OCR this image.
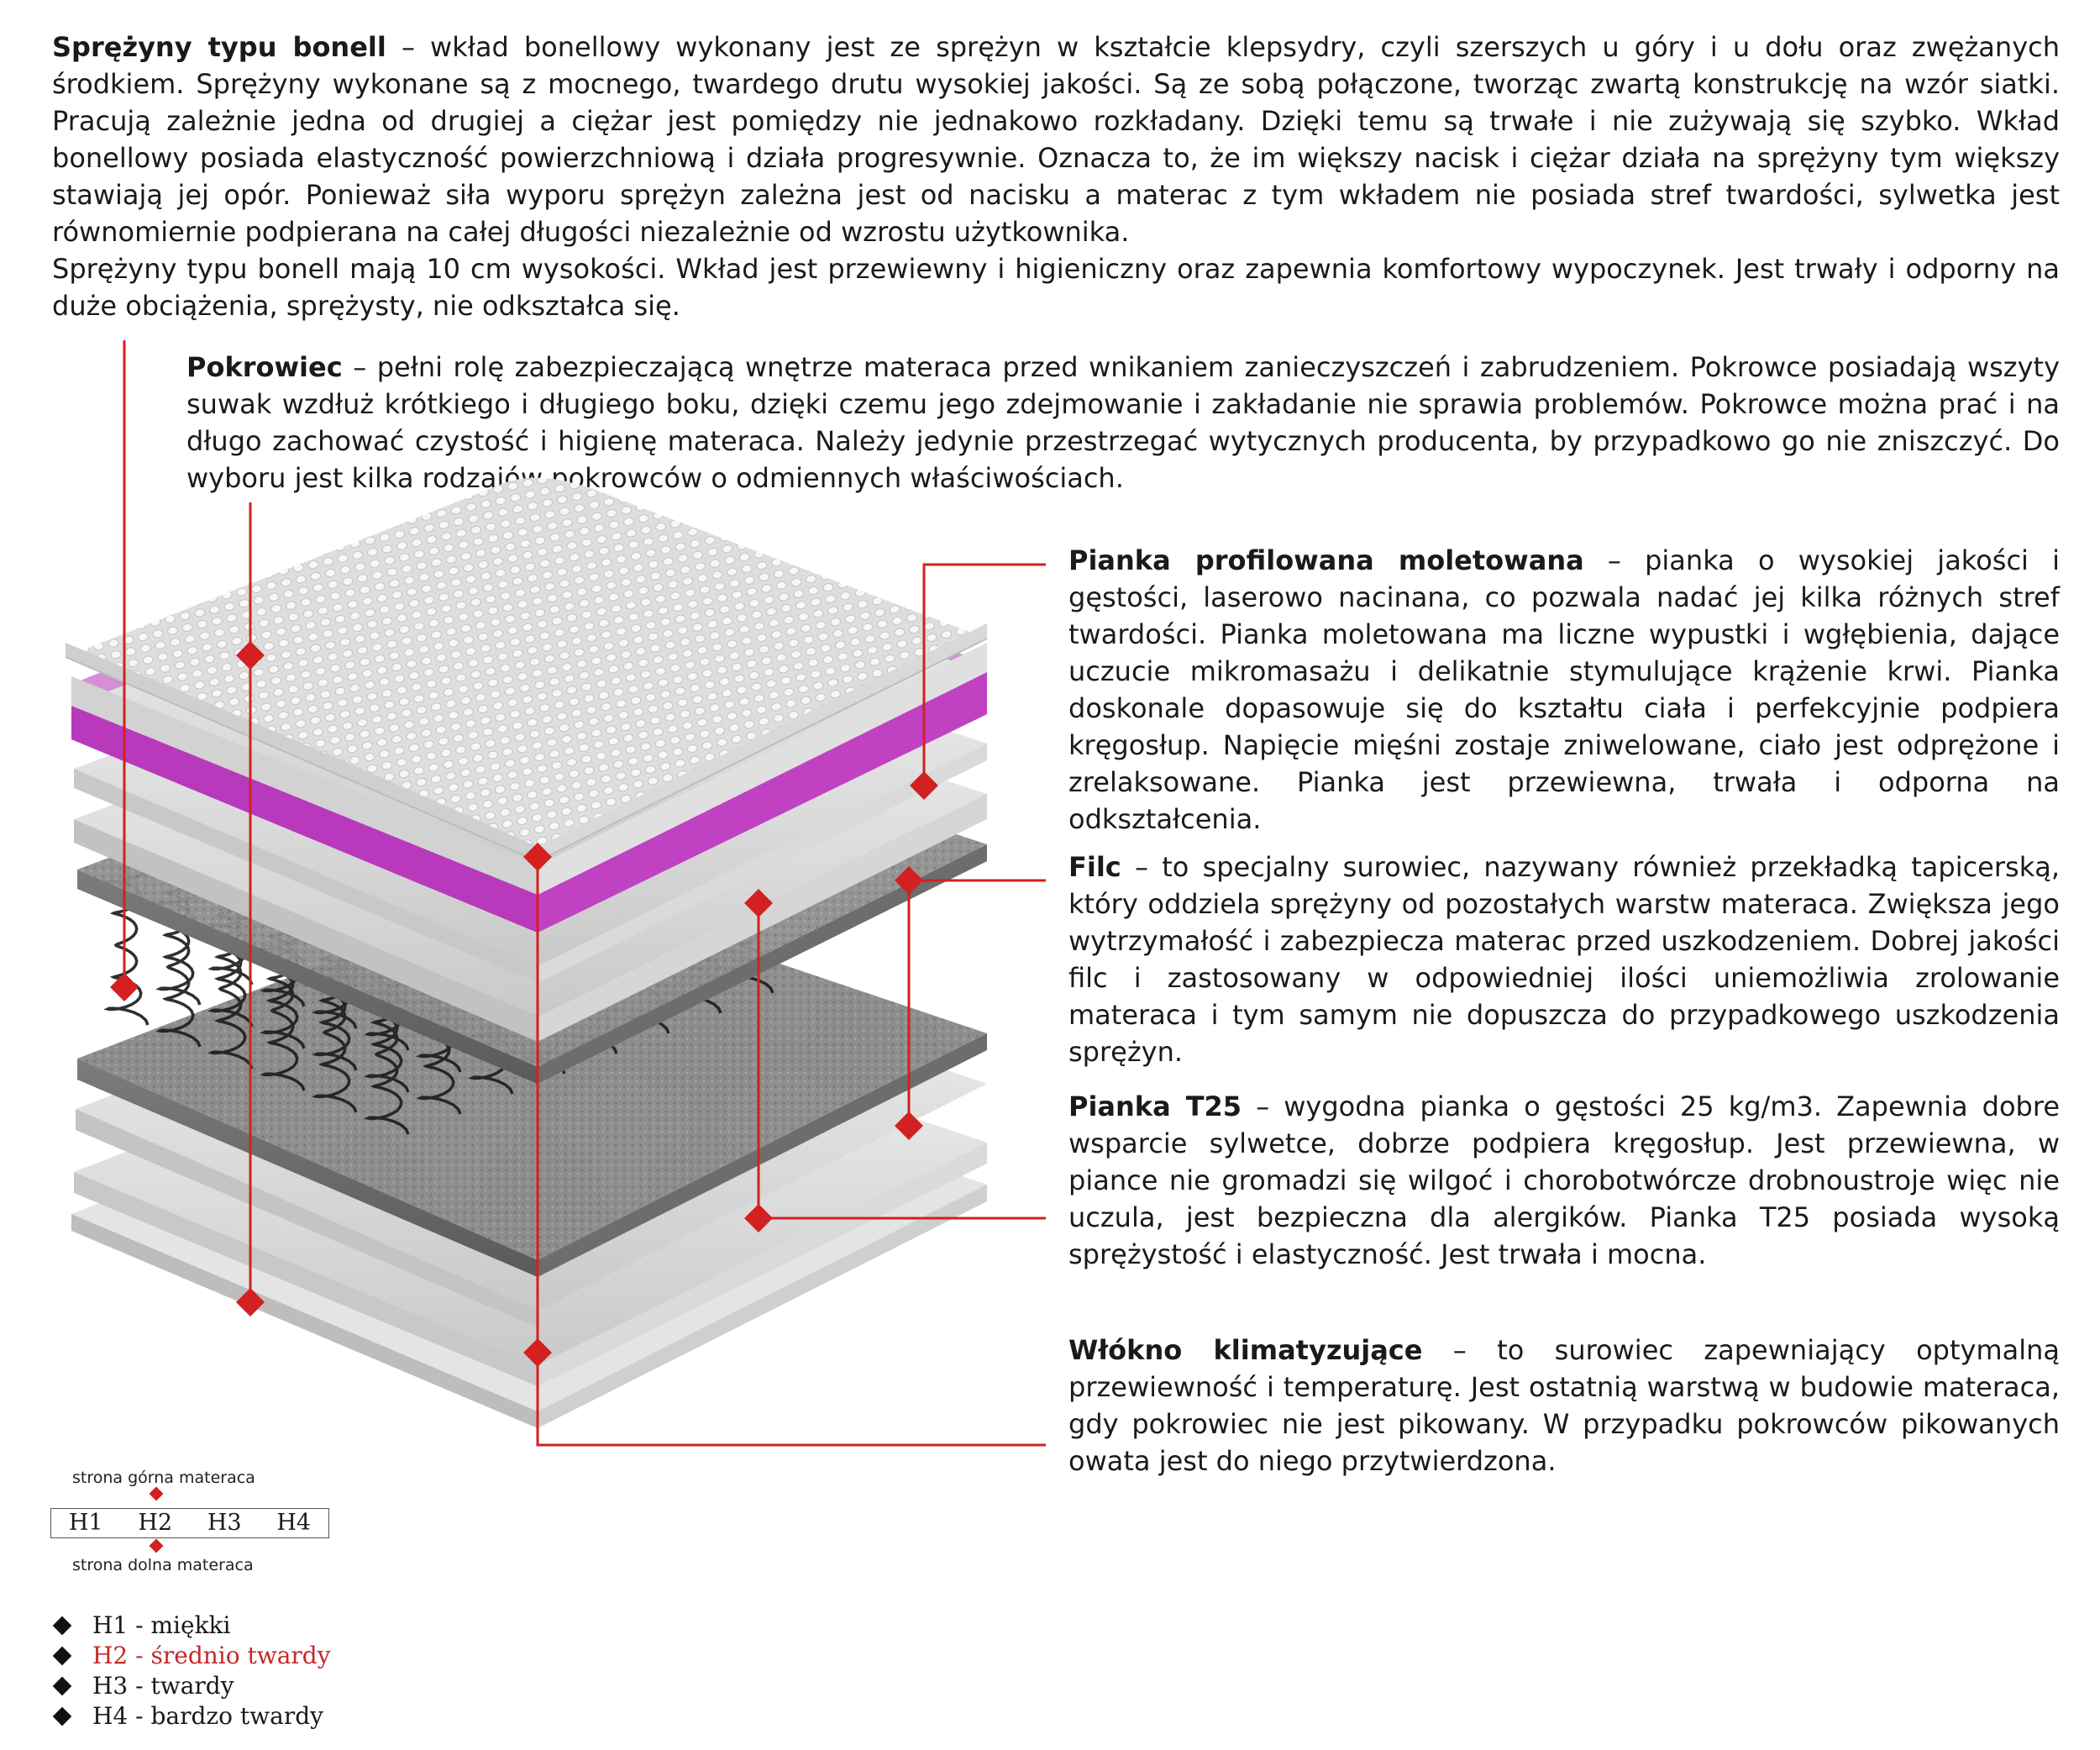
Sprężyny typu bonell – wkład bonellowy wykonany jest ze sprężyn w kształcie klepsydry, czyli szerszych u góry i u dołu oraz zwężanych środkiem. Sprężyny wykonane są z mocnego, twardego drutu wysokiej jakości. Są ze sobą połączone, tworząc zwartą konstrukcję na wzór siatki. Pracują zależnie jedna od drugiej a ciężar jest pomiędzy nie jednakowo rozkładany. Dzięki temu są trwałe i nie zużywają się szybko. Wkład bonellowy posiada elastyczność powierzchniową i działa progresywnie. Oznacza to, że im większy nacisk i ciężar działa na sprężyny tym większy stawiają jej opór. Ponieważ siła wyporu sprężyn zależna jest od nacisku a materac z tym wkładem nie posiada stref twardości, sylwetka jest równomiernie podpierana na całej długości niezależnie od wzrostu użytkownika.

Sprężyny typu bonell mają 10 cm wysokości. Wkład jest przewiewny i higieniczny oraz zapewnia komfortowy wypoczynek. Jest trwały i odporny na duże obciążenia, sprężysty, nie odkształca się.

Pokrowiec – pełni rolę zabezpieczającą wnętrze materaca przed wnikaniem zanieczyszczeń i zabrudzeniem. Pokrowce posiadają wszyty suwak wzdłuż krótkiego i długiego boku, dzięki czemu jego zdejmowanie i zakładanie nie sprawia problemów. Pokrowce można prać i na długo zachować czystość i higienę materaca. Należy jedynie przestrzegać wytycznych producenta, by przypadkowo go nie zniszczyć. Do wyboru jest kilka rodzajów pokrowców o odmiennych właściwościach.

Pianka profilowana moletowana – pianka o wysokiej jakości i gęstości, laserowo nacinana, co pozwala nadać jej kilka różnych stref twardości. Pianka moletowana ma liczne wypustki i wgłębienia, dające uczucie mikromasażu i delikatnie stymulujące krążenie krwi. Pianka doskonale dopasowuje się do kształtu ciała i perfekcyjnie podpiera kręgosłup. Napięcie mięśni zostaje zniwelowane, ciało jest odprężone i zrelaksowane. Pianka jest przewiewna, trwała i odporna na odkształcenia.

Filc – to specjalny surowiec, nazywany również przekładką tapicerską, który oddziela sprężyny od pozostałych warstw materaca. Zwiększa jego wytrzymałość i zabezpiecza materac przed uszkodzeniem. Dobrej jakości filc i zastosowany w odpowiedniej ilości uniemożliwia zrolowanie materaca i tym samym nie dopuszcza do przypadkowego uszkodzenia sprężyn.

Pianka T25 – wygodna pianka o gęstości 25 kg/m3. Zapewnia dobre wsparcie sylwetce, dobrze podpiera kręgosłup. Jest przewiewna, w piance nie gromadzi się wilgoć i chorobotwórcze drobnoustroje więc nie uczula, jest bezpieczna dla alergików. Pianka T25 posiada wysoką sprężystość i elastyczność. Jest trwała i mocna.

Włókno klimatyzujące – to surowiec zapewniający optymalną przewiewność i temperaturę. Jest ostatnią warstwą w budowie materaca, gdy pokrowiec nie jest pikowany. W przypadku pokrowców pikowanych owata jest do niego przytwierdzona.

strona górna materaca
H1	H2	H3	H4
strona dolna materaca
H1 - miękki
H2 - średnio twardy
H3 - twardy
H4 - bardzo twardy
